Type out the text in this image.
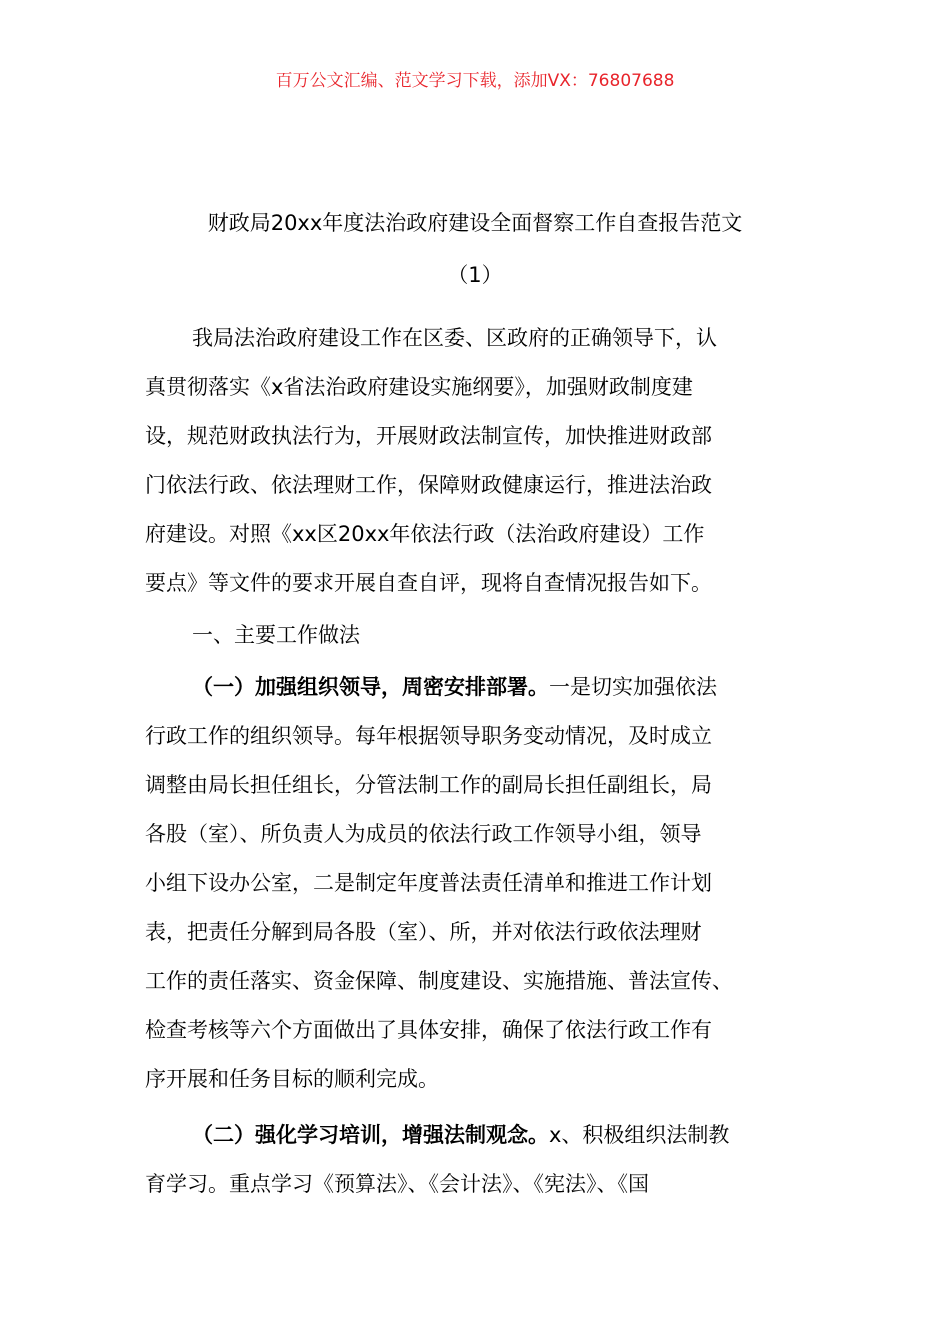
百万公文汇编、范文学习下载，添加VX：76807688
财政局20xx年度法治政府建设全面督察工作自查报告范文
（1）
我局法治政府建设工作在区委、区政府的正确领导下，认
真贯彻落实《x省法治政府建设实施纲要》，加强财政制度建
设，规范财政执法行为，开展财政法制宣传，加快推进财政部
门依法行政、依法理财工作，保障财政健康运行，推进法治政
府建设。对照《xx区20xx年依法行政（法治政府建设）工作
要点》等文件的要求开展自查自评，现将自查情况报告如下。
一、主要工作做法
（一）加强组织领导，周密安排部署。一是切实加强依法
行政工作的组织领导。每年根据领导职务变动情况，及时成立
调整由局长担任组长，分管法制工作的副局长担任副组长，局
各股（室）、所负责人为成员的依法行政工作领导小组，领导
小组下设办公室，二是制定年度普法责任清单和推进工作计划
表，把责任分解到局各股（室）、所，并对依法行政依法理财
工作的责任落实、资金保障、制度建设、实施措施、普法宣传、
检查考核等六个方面做出了具体安排，确保了依法行政工作有
序开展和任务目标的顺利完成。
（二）强化学习培训，增强法制观念。x、积极组织法制教
育学习。重点学习《预算法》、《会计法》、《宪法》、《国
